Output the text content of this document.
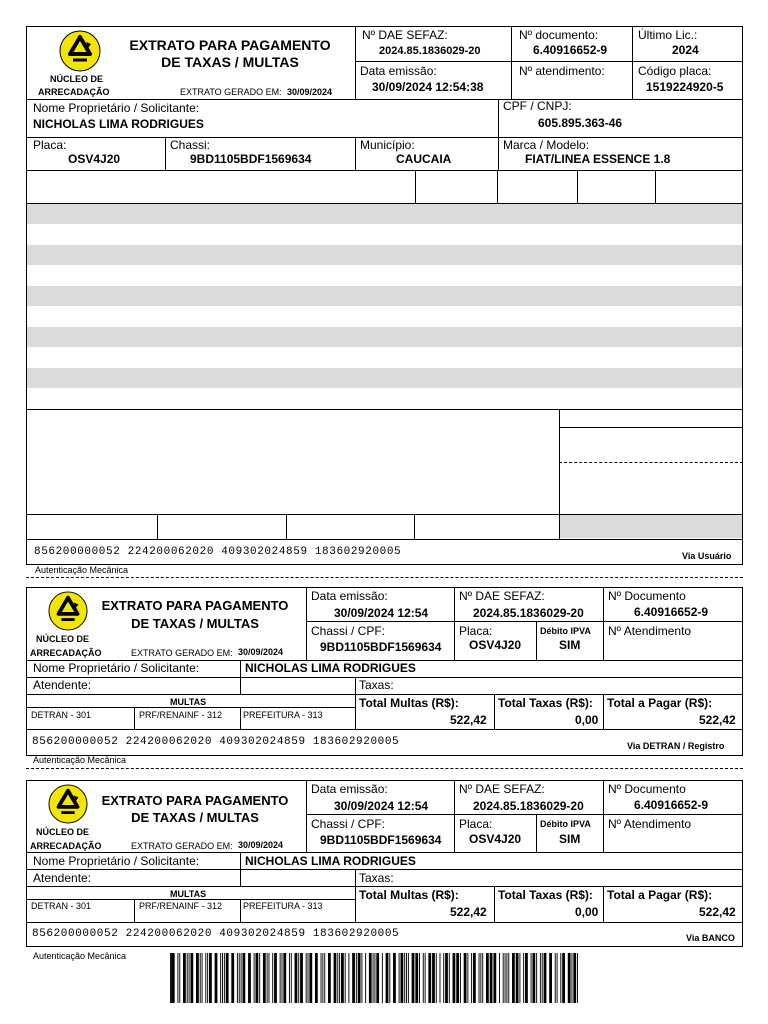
NÚCLEO DE
ARRECADAÇÃO
EXTRATO PARA PAGAMENTO
DE TAXAS / MULTAS
EXTRATO GERADO EM: 30/09/2024
Nº DAE SEFAZ:
2024.85.1836029-20
Nº documento:
6.40916652-9
Último Lic.:
2024
Data emissão:
30/09/2024 12:54:38
Nº atendimento:	Código placa:
1519224920-5
Nome Proprietário / Solicitante:
NICHOLAS LIMA RODRIGUES
CPF / CNPJ:
605.895.363-46
Placa:
OSV4J20
Chassi:
9BD1105BDF1569634
Município:
CAUCAIA
Marca / Modelo:
FIAT/LINEA ESSENCE 1.8
856200000052 224200062020 409302024859 183602920005	Via Usuário
Autenticação Mecânica
NÚCLEO DE
ARRECADAÇÃO
EXTRATO PARA PAGAMENTO
DE TAXAS / MULTAS
EXTRATO GERADO EM: 30/09/2024
Data emissão:
30/09/2024 12:54
Nº DAE SEFAZ:
2024.85.1836029-20
Nº Documento
6.40916652-9
Chassi / CPF:
9BD1105BDF1569634
Placa:
OSV4J20
Débito IPVA
SIM
Nº Atendimento
Nome Proprietário / Solicitante:	NICHOLAS LIMA RODRIGUES
Atendente:	Taxas:
MULTAS
DETRAN - 301	PRF/RENAINF - 312 PREFEITURA - 313
Total Multas (R$):
522,42
Total Taxas (R$):
0,00
Total a Pagar (R$):
522,42
856200000052 224200062020 409302024859 183602920005	Via DETRAN / Registro
Autenticação Mecânica
NÚCLEO DE
ARRECADAÇÃO
EXTRATO PARA PAGAMENTO
DE TAXAS / MULTAS
EXTRATO GERADO EM: 30/09/2024
Data emissão:
30/09/2024 12:54
Nº DAE SEFAZ:
2024.85.1836029-20
Nº Documento
6.40916652-9
Chassi / CPF:
9BD1105BDF1569634
Placa:
OSV4J20
Débito IPVA
SIM
Nº Atendimento
Nome Proprietário / Solicitante:	NICHOLAS LIMA RODRIGUES
Atendente:	Taxas:
MULTAS
DETRAN - 301	PRF/RENAINF - 312 PREFEITURA - 313
Total Multas (R$):
522,42
Total Taxas (R$):
0,00
Total a Pagar (R$):
522,42
856200000052 224200062020 409302024859 183602920005	Via BANCO
Autenticação Mecânica
